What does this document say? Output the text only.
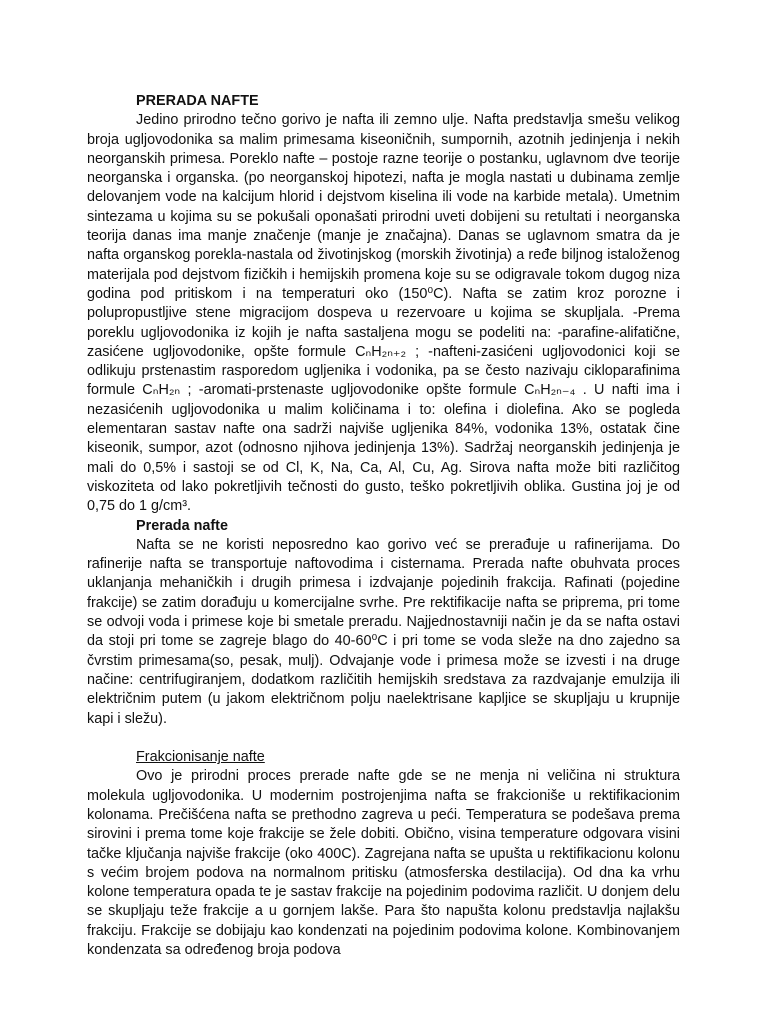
PRERADA NAFTE

Jedino prirodno tečno gorivo je nafta ili zemno ulje. Nafta predstavlja smešu velikog broja ugljovodonika sa malim primesama kiseoničnih, sumpornih, azotnih jedinjenja i nekih neorganskih primesa. Poreklo nafte – postoje razne teorije o postanku, uglavnom dve teorije neorganska i organska. (po neorganskoj hipotezi, nafta je mogla nastati u dubinama zemlje delovanjem vode na kalcijum hlorid i dejstvom kiselina ili vode na karbide metala). Umetnim sintezama u kojima su se pokušali oponašati prirodni uveti dobijeni su retultati i neorganska teorija danas ima manje značenje (manje je značajna). Danas se uglavnom smatra da je nafta organskog porekla-nastala od životinjskog (morskih životinja) a ređe biljnog istaloženog materijala pod dejstvom fizičkih i hemijskih promena koje su se odigravale tokom dugog niza godina pod pritiskom i na temperaturi oko (150⁰C). Nafta se zatim kroz porozne i polupropustljive stene migracijom dospeva u rezervoare u kojima se skupljala. -Prema poreklu ugljovodonika iz kojih je nafta sastaljena mogu se podeliti na: -parafine-alifatične, zasićene ugljovodonike, opšte formule CₙH₂ₙ₊₂ ; -nafteni-zasićeni ugljovodonici koji se odlikuju prstenastim rasporedom ugljenika i vodonika, pa se često nazivaju cikloparafinima formule CₙH₂ₙ ; -aromati-prstenaste ugljovodonike opšte formule CₙH₂ₙ₋₄ . U nafti ima i nezasićenih ugljovodonika u malim količinama i to: olefina i diolefina. Ako se pogleda elementaran sastav nafte ona sadrži najviše ugljenika 84%, vodonika 13%, ostatak čine kiseonik, sumpor, azot (odnosno njihova jedinjenja 13%). Sadržaj neorganskih jedinjenja je mali do 0,5% i sastoji se od Cl, K, Na, Ca, Al, Cu, Ag. Sirova nafta može biti različitog viskoziteta od lako pokretljivih tečnosti do gusto, teško pokretljivih oblika. Gustina joj je od 0,75 do 1 g/cm³.

Prerada nafte

Nafta se ne koristi neposredno kao gorivo već se prerađuje u rafinerijama. Do rafinerije nafta se transportuje naftovodima i cisternama. Prerada nafte obuhvata proces uklanjanja mehaničkih i drugih primesa i izdvajanje pojedinih frakcija. Rafinati (pojedine frakcije) se zatim dorađuju u komercijalne svrhe. Pre rektifikacije nafta se priprema, pri tome se odvoji voda i primese koje bi smetale preradu. Najjednostavniji način je da se nafta ostavi da stoji pri tome se zagreje blago do 40-60⁰C i pri tome se voda sleže na dno zajedno sa čvrstim primesama(so, pesak, mulj). Odvajanje vode i primesa može se izvesti i na druge načine: centrifugiranjem, dodatkom različitih hemijskih sredstava za razdvajanje emulzija ili električnim putem (u jakom električnom polju naelektrisane kapljice se skupljaju u krupnije kapi i sležu).

Frakcionisanje nafte

Ovo je prirodni proces prerade nafte gde se ne menja ni veličina ni struktura molekula ugljovodonika. U modernim postrojenjima nafta se frakcioniše u rektifikacionim kolonama. Prečišćena nafta se prethodno zagreva u peći. Temperatura se podešava prema sirovini i prema tome koje frakcije se žele dobiti. Obično, visina temperature odgovara visini tačke ključanja najviše frakcije (oko 400C). Zagrejana nafta se upušta u rektifikacionu kolonu s većim brojem podova na normalnom pritisku (atmosferska destilacija). Od dna ka vrhu kolone temperatura opada te je sastav frakcije na pojedinim podovima različit. U donjem delu se skupljaju teže frakcije a u gornjem lakše. Para što napušta kolonu predstavlja najlakšu frakciju. Frakcije se dobijaju kao kondenzati na pojedinim podovima kolone. Kombinovanjem kondenzata sa određenog broja podova
